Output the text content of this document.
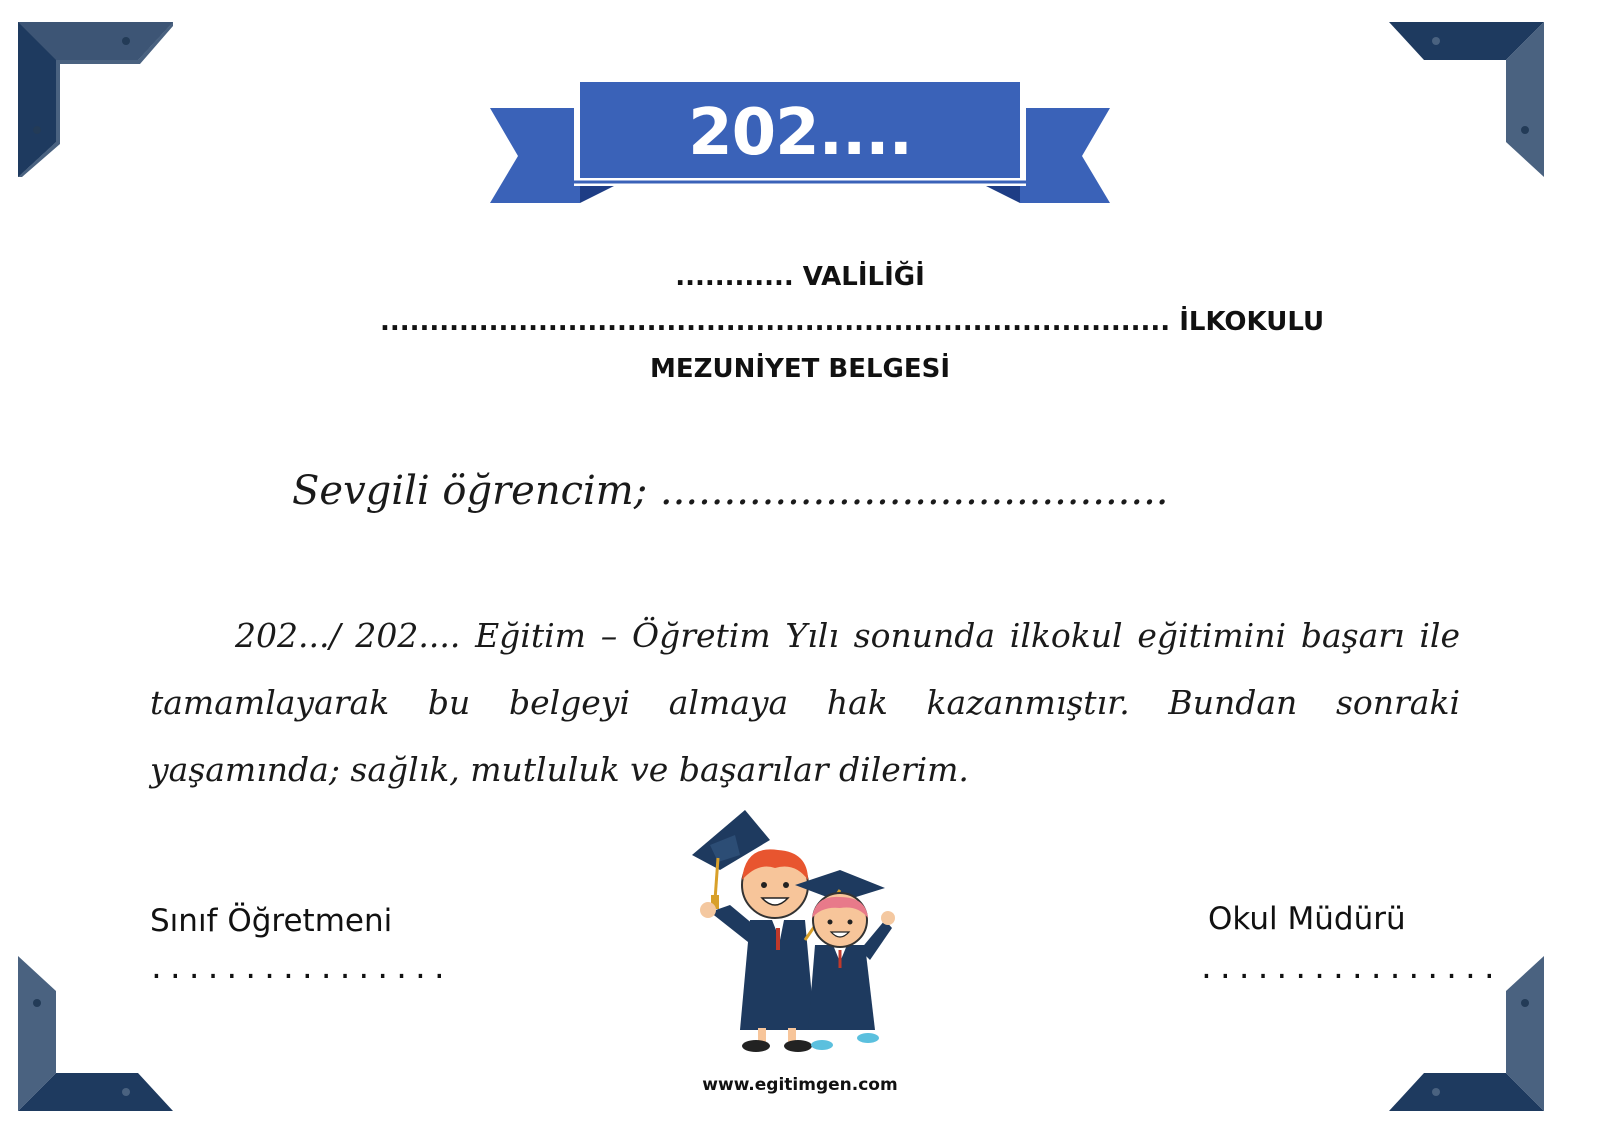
202....
............ VALİLİĞİ
................................................................................ İLKOKULU
MEZUNİYET BELGESİ
Sevgili öğrencim; ........................................
202.../ 202.... Eğitim – Öğretim Yılı sonunda ilkokul eğitimini başarı ile tamamlayarak bu belgeyi almaya hak kazanmıştır. Bundan sonraki yaşamında; sağlık, mutluluk ve başarılar dilerim.
Sınıf Öğretmeni
................
Okul Müdürü
................
www.egitimgen.com
